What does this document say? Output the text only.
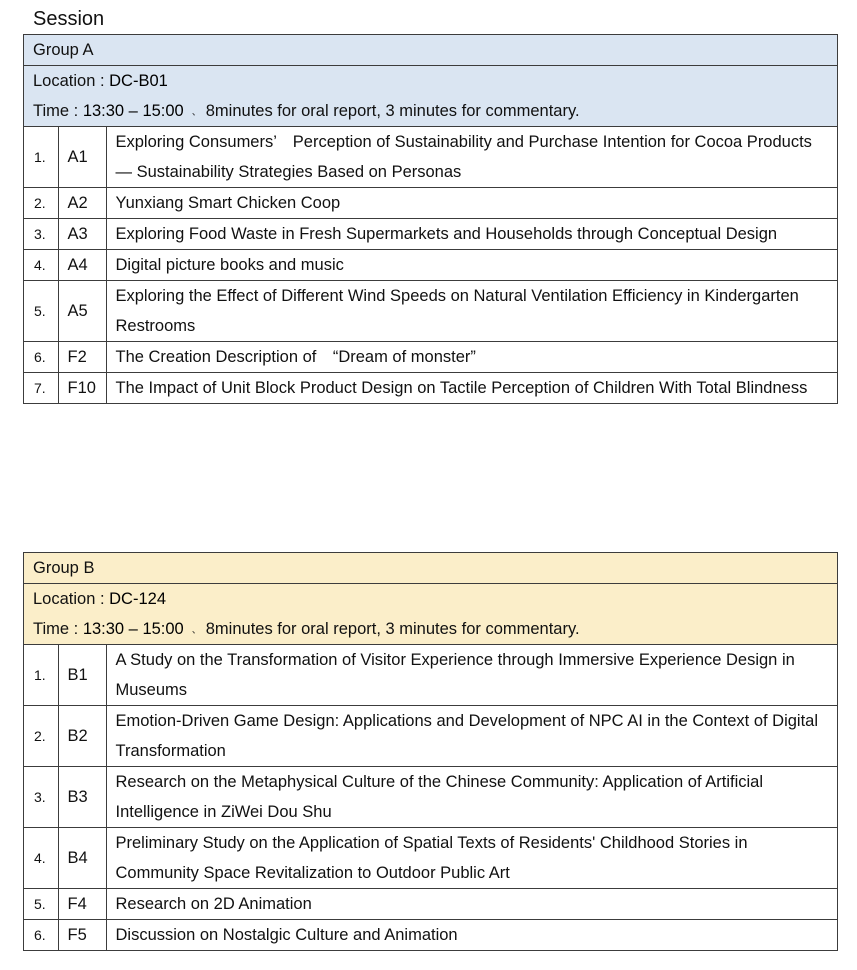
Session
Group A
Location : DC-B01
Time : 13:30 – 15:00 、 8minutes for oral report, 3 minutes for commentary.
1.	A1	Exploring Consumers’　Perception of Sustainability and Purchase Intention for Cocoa Products — Sustainability Strategies Based on Personas
2.	A2	Yunxiang Smart Chicken Coop
3.	A3	Exploring Food Waste in Fresh Supermarkets and Households through Conceptual Design
4.	A4	Digital picture books and music
5.	A5	Exploring the Effect of Different Wind Speeds on Natural Ventilation Efficiency in Kindergarten Restrooms
6.	F2	The Creation Description of　“Dream of monster”
7.	F10	The Impact of Unit Block Product Design on Tactile Perception of Children With Total Blindness
Group B
Location : DC-124
Time : 13:30 – 15:00 、 8minutes for oral report, 3 minutes for commentary.
1.	B1	A Study on the Transformation of Visitor Experience through Immersive Experience Design in Museums
2.	B2	Emotion-Driven Game Design: Applications and Development of NPC AI in the Context of Digital Transformation
3.	B3	Research on the Metaphysical Culture of the Chinese Community: Application of Artificial Intelligence in ZiWei Dou Shu
4.	B4	Preliminary Study on the Application of Spatial Texts of Residents' Childhood Stories in Community Space Revitalization to Outdoor Public Art
5.	F4	Research on 2D Animation
6.	F5	Discussion on Nostalgic Culture and Animation
